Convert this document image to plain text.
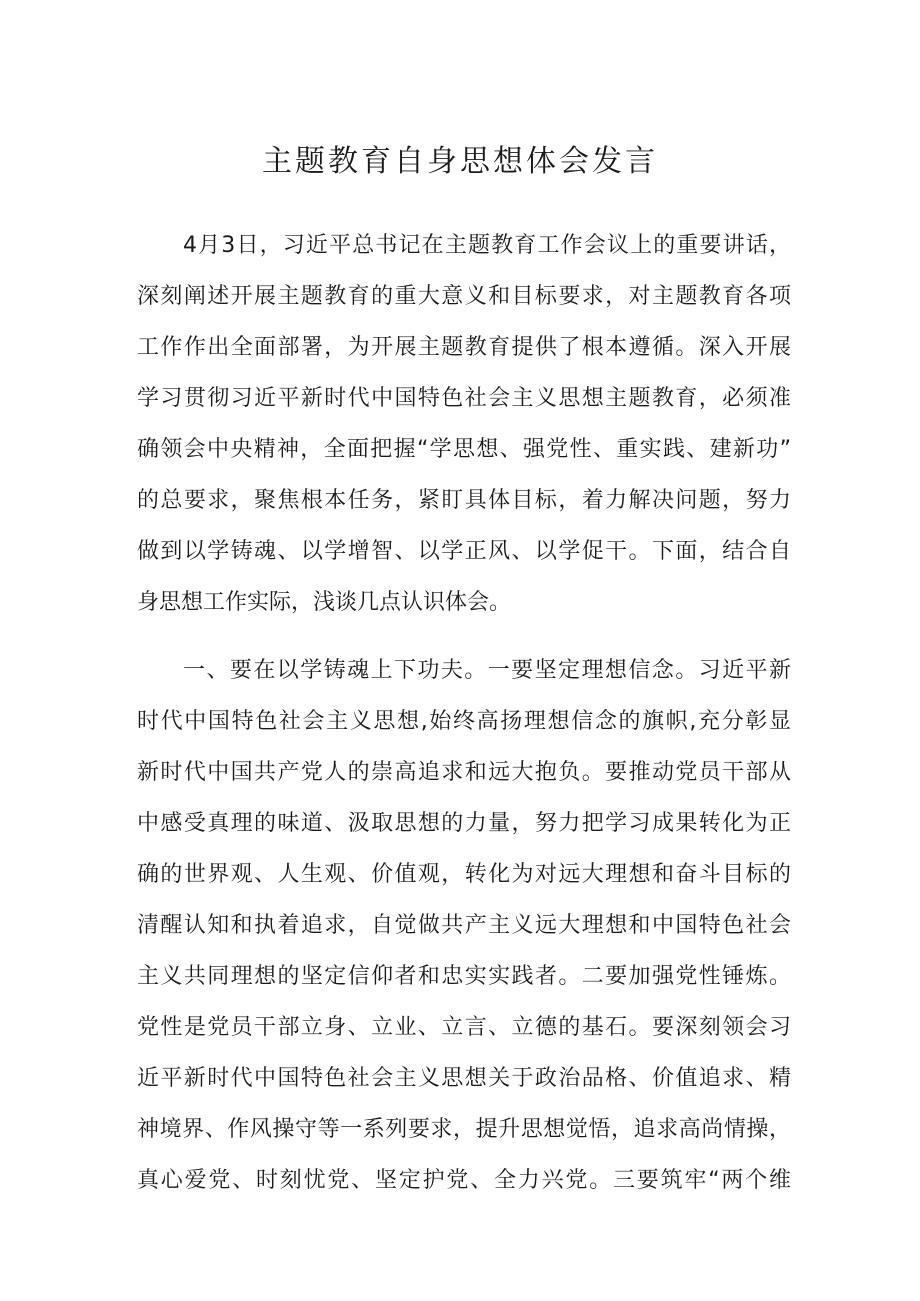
主题教育自身思想体会发言
4月3日，习近平总书记在主题教育工作会议上的重要讲话，
深刻阐述开展主题教育的重大意义和目标要求，对主题教育各项
工作作出全面部署，为开展主题教育提供了根本遵循。深入开展
学习贯彻习近平新时代中国特色社会主义思想主题教育，必须准
确领会中央精神，全面把握“学思想、强党性、重实践、建新功”
的总要求，聚焦根本任务，紧盯具体目标，着力解决问题，努力
做到以学铸魂、以学增智、以学正风、以学促干。下面，结合自
身思想工作实际，浅谈几点认识体会。
一、要在以学铸魂上下功夫。一要坚定理想信念。习近平新
时代中国特色社会主义思想,始终高扬理想信念的旗帜,充分彰显
新时代中国共产党人的崇高追求和远大抱负。要推动党员干部从
中感受真理的味道、汲取思想的力量，努力把学习成果转化为正
确的世界观、人生观、价值观，转化为对远大理想和奋斗目标的
清醒认知和执着追求，自觉做共产主义远大理想和中国特色社会
主义共同理想的坚定信仰者和忠实实践者。二要加强党性锤炼。
党性是党员干部立身、立业、立言、立德的基石。要深刻领会习
近平新时代中国特色社会主义思想关于政治品格、价值追求、精
神境界、作风操守等一系列要求，提升思想觉悟，追求高尚情操，
真心爱党、时刻忧党、坚定护党、全力兴党。三要筑牢“两个维
